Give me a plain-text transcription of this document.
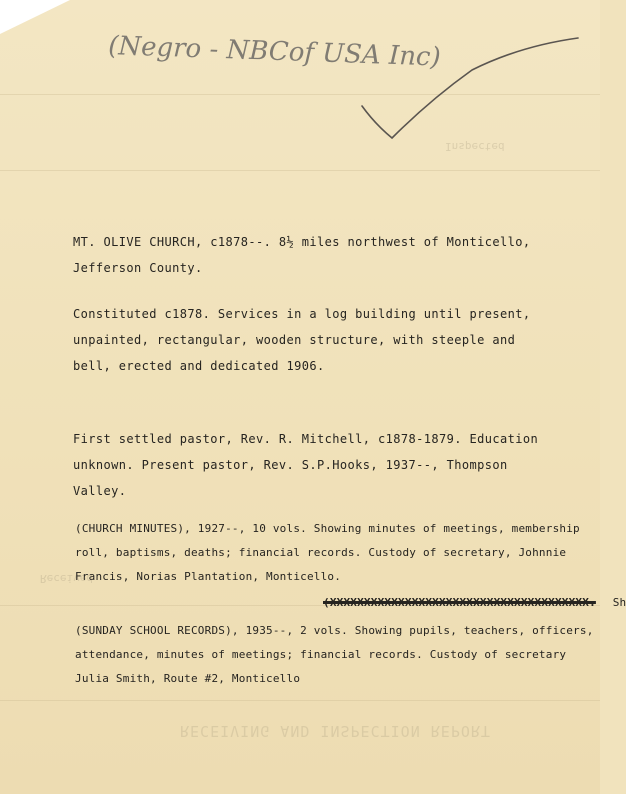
RECEIVING AND INSPECTION REPORT
Received
Inspected
(Negro - NBCof USA Inc)
MT. OLIVE CHURCH, c1878--. 8½ miles northwest of Monticello,
Jefferson County.
Constituted c1878. Services in a log building until present,
unpainted, rectangular, wooden structure, with steeple and
bell, erected and dedicated 1906.
First settled pastor, Rev. R. Mitchell, c1878-1879. Education
unknown. Present pastor, Rev. S.P.Hooks, 1937--, Thompson
Valley.
(CHURCH MINUTES), 1927--, 10 vols. Showing minutes of meetings, membership
roll, baptisms, deaths; financial records. Custody of secretary, Johnnie
Francis, Norias Plantation, Monticello.
(XXXXXXXXXXXXXXXXXXXXXXXXXXXXXXXXXXXXXX. Sh
(SUNDAY SCHOOL RECORDS), 1935--, 2 vols. Showing pupils, teachers, officers,
attendance, minutes of meetings; financial records. Custody of secretary
Julia Smith, Route #2, Monticello
